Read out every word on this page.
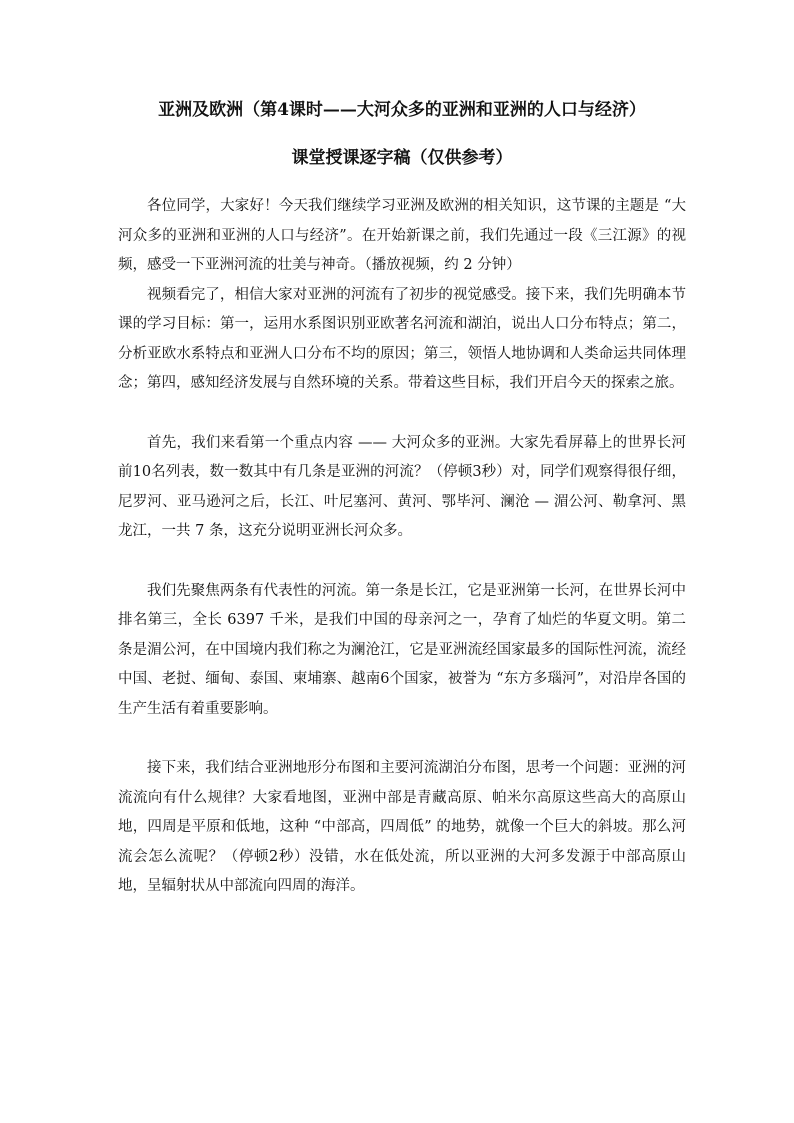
亚洲及欧洲（第4课时——大河众多的亚洲和亚洲的人口与经济）
课堂授课逐字稿（仅供参考）

各位同学，大家好！今天我们继续学习亚洲及欧洲的相关知识，这节课的主题是 “大河众多的亚洲和亚洲的人口与经济”。在开始新课之前，我们先通过一段《三江源》的视频，感受一下亚洲河流的壮美与神奇。（播放视频，约 2 分钟）

视频看完了，相信大家对亚洲的河流有了初步的视觉感受。接下来，我们先明确本节课的学习目标：第一，运用水系图识别亚欧著名河流和湖泊，说出人口分布特点；第二，分析亚欧水系特点和亚洲人口分布不均的原因；第三，领悟人地协调和人类命运共同体理念；第四，感知经济发展与自然环境的关系。带着这些目标，我们开启今天的探索之旅。

首先，我们来看第一个重点内容 —— 大河众多的亚洲。大家先看屏幕上的世界长河前10名列表，数一数其中有几条是亚洲的河流？（停顿3秒）对，同学们观察得很仔细，尼罗河、亚马逊河之后，长江、叶尼塞河、黄河、鄂毕河、澜沧 — 湄公河、勒拿河、黑龙江，一共 7 条，这充分说明亚洲长河众多。

我们先聚焦两条有代表性的河流。第一条是长江，它是亚洲第一长河，在世界长河中排名第三，全长 6397 千米，是我们中国的母亲河之一，孕育了灿烂的华夏文明。第二条是湄公河，在中国境内我们称之为澜沧江，它是亚洲流经国家最多的国际性河流，流经中国、老挝、缅甸、泰国、柬埔寨、越南6个国家，被誉为 “东方多瑙河”，对沿岸各国的生产生活有着重要影响。

接下来，我们结合亚洲地形分布图和主要河流湖泊分布图，思考一个问题：亚洲的河流流向有什么规律？大家看地图，亚洲中部是青藏高原、帕米尔高原这些高大的高原山地，四周是平原和低地，这种 “中部高，四周低” 的地势，就像一个巨大的斜坡。那么河流会怎么流呢？（停顿2秒）没错，水在低处流，所以亚洲的大河多发源于中部高原山地，呈辐射状从中部流向四周的海洋。
